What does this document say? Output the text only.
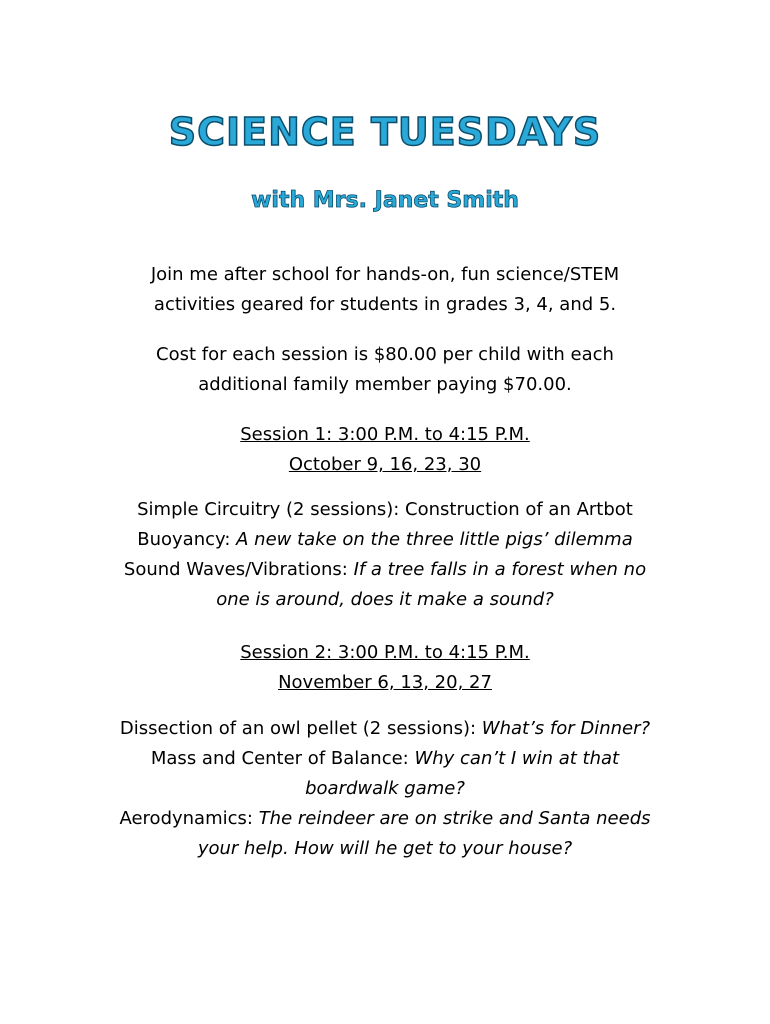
SCIENCE TUESDAYS
with Mrs. Janet Smith

Join me after school for hands-on, fun science/STEM
activities geared for students in grades 3, 4, and 5.

Cost for each session is $80.00 per child with each
additional family member paying $70.00.

Session 1: 3:00 P.M. to 4:15 P.M.
October 9, 16, 23, 30

Simple Circuitry (2 sessions): Construction of an Artbot
Buoyancy: A new take on the three little pigs’ dilemma
Sound Waves/Vibrations: If a tree falls in a forest when no
one is around, does it make a sound?

Session 2: 3:00 P.M. to 4:15 P.M.
November 6, 13, 20, 27

Dissection of an owl pellet (2 sessions): What’s for Dinner?
Mass and Center of Balance: Why can’t I win at that
boardwalk game?
Aerodynamics: The reindeer are on strike and Santa needs
your help. How will he get to your house?
